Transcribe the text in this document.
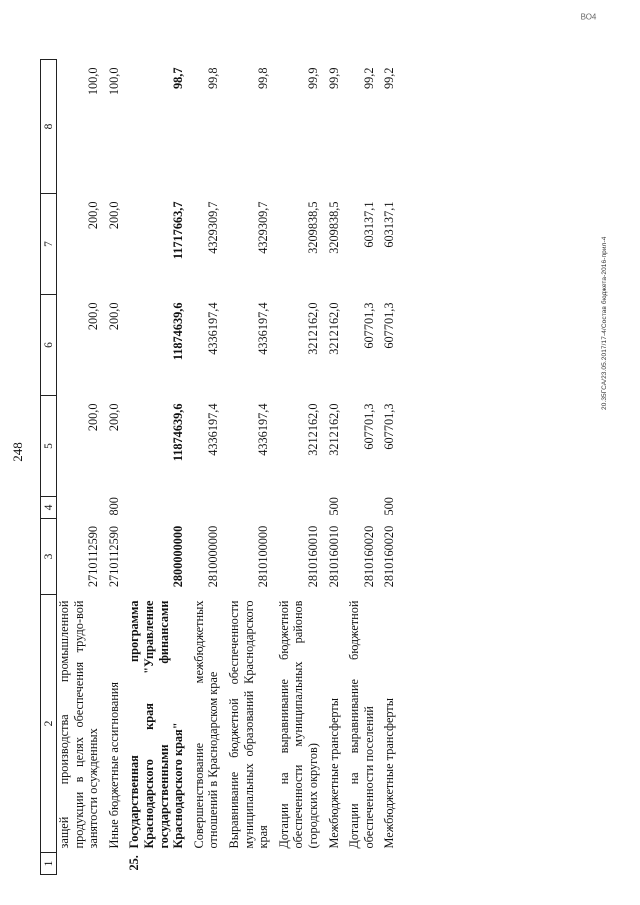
248
1	2	3	4	5	6	7	8
	защей производства промышленной продукции в целях обеспечения трудо-вой занятости осужденных	2710112590		200,0	200,0	200,0	100,0
	Иные бюджетные ассигнования	2710112590	800	200,0	200,0	200,0	100,0
25.	Государственная программа Краснодарского края "Управление государственными финансами Краснодарского края"	2800000000		11874639,6	11874639,6	11717663,7	98,7
	Совершенствование межбюджетных отношений в Краснодарском крае	2810000000		4336197,4	4336197,4	4329309,7	99,8
	Выравнивание бюджетной обеспеченности муниципальных образований Краснодарского края	2810100000		4336197,4	4336197,4	4329309,7	99,8
	Дотации на выравнивание бюджетной обеспеченности муниципальных районов (городских округов)	2810160010		3212162,0	3212162,0	3209838,5	99,9
	Межбюджетные трансферты	2810160010	500	3212162,0	3212162,0	3209838,5	99,9
	Дотации на выравнивание бюджетной обеспеченности поселений	2810160020		607701,3	607701,3	603137,1	99,2
	Межбюджетные трансферты	2810160020	500	607701,3	607701,3	603137,1	99,2
20.35ГСА/23.05.2017/17-4/Состав бюджета-2016-прил-4
ВО4
